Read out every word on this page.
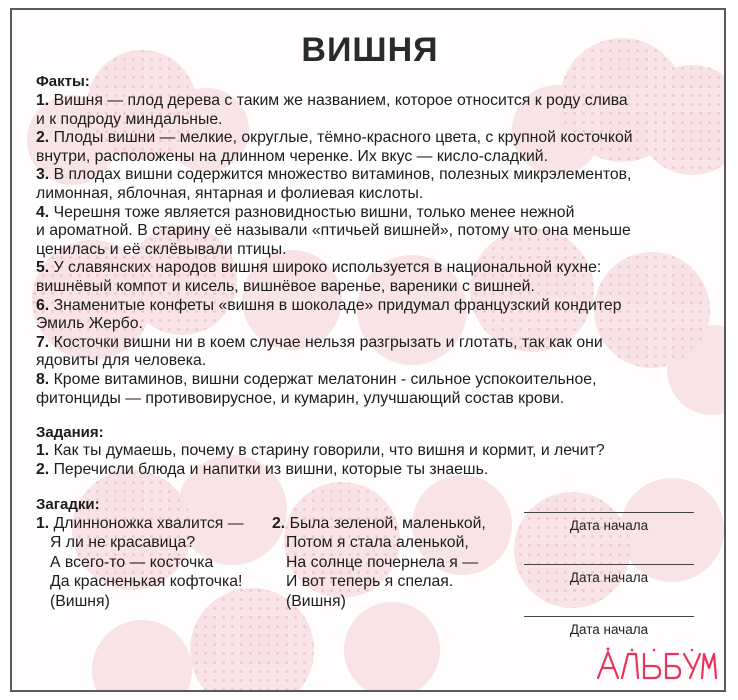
ВИШНЯ
Факты:
1. Вишня — плод дерева с таким же названием, которое относится к роду слива
и к подроду миндальные.
2. Плоды вишни — мелкие, округлые, тёмно-красного цвета, с крупной косточкой
внутри, расположены на длинном черенке. Их вкус — кисло-сладкий.
3. В плодах вишни содержится множество витаминов, полезных микрэлементов,
лимонная, яблочная, янтарная и фолиевая кислоты.
4. Черешня тоже является разновидностью вишни, только менее нежной
и ароматной. В старину её называли «птичьей вишней», потому что она меньше
ценилась и её склёвывали птицы.
5. У славянских народов вишня широко используется в национальной кухне:
вишнёвый компот и кисель, вишнёвое варенье, вареники с вишней.
6. Знаменитые конфеты «вишня в шоколаде» придумал французский кондитер
Эмиль Жербо.
7. Косточки вишни ни в коем случае нельзя разгрызать и глотать, так как они
ядовиты для человека.
8. Кроме витаминов, вишни содержат мелатонин - сильное успокоительное,
фитонциды — противовирусное, и кумарин, улучшающий состав крови.
Задания:
1. Как ты думаешь, почему в старину говорили, что вишня и кормит, и лечит?
2. Перечисли блюда и напитки из вишни, которые ты знаешь.
Загадки:
1. Длинноножка хвалится —
Я ли не красавица?
А всего-то — косточка
Да красненькая кофточка!
(Вишня)
2. Была зеленой, маленькой,
Потом я стала аленькой,
На солнце почернела я —
И вот теперь я спелая.
(Вишня)
Дата начала
Дата начала
Дата начала
